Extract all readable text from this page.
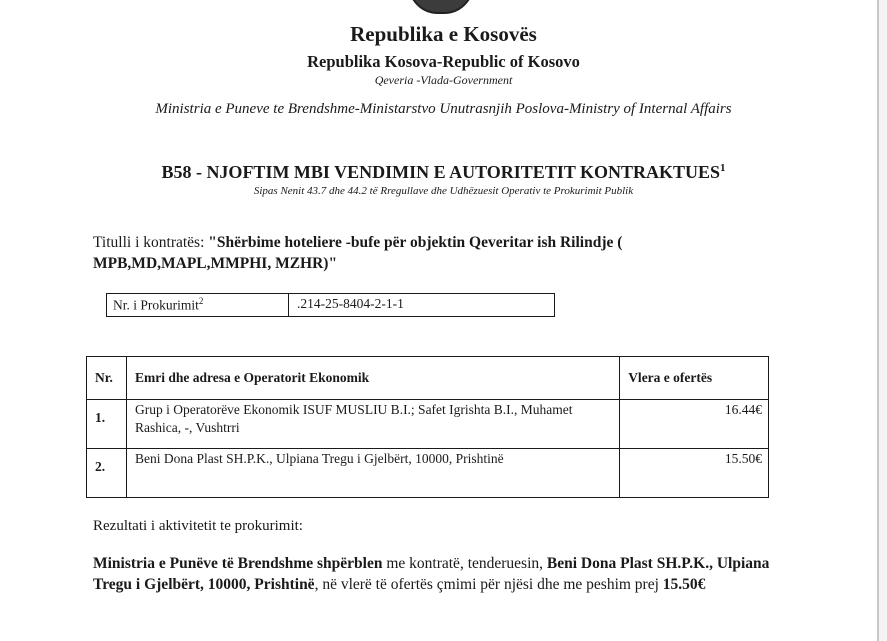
Republika e Kosovës
Republika Kosova-Republic of Kosovo
Qeveria -Vlada-Government
Ministria e Puneve te Brendshme-Ministarstvo Unutrasnjih Poslova-Ministry of Internal Affairs
B58 - NJOFTIM MBI VENDIMIN E AUTORITETIT KONTRAKTUES$^1$
Sipas Nenit 43.7 dhe 44.2 të Rregullave dhe Udhëzuesit Operativ te Prokurimit Publik
Titulli i kontratës: "Shërbime hoteliere -bufe për objektin Qeveritar ish Rilindje ( MPB,MD,MAPL,MMPHI, MZHR)"
Nr. i Prokurimit$^2$	.214-25-8404-2-1-1
Nr.	Emri dhe adresa e Operatorit Ekonomik	Vlera e ofertës
1.	Grup i Operatorëve Ekonomik ISUF MUSLIU B.I.; Safet Igrishta B.I., Muhamet Rashica, -, Vushtrri	16.44€
2.	Beni Dona Plast SH.P.K., Ulpiana Tregu i Gjelbërt, 10000, Prishtinë	15.50€
Rezultati i aktivitetit te prokurimit:
Ministria e Punëve të Brendshme shpërblen me kontratë, tenderuesin, Beni Dona Plast SH.P.K., Ulpiana Tregu i Gjelbërt, 10000, Prishtinë, në vlerë të ofertës çmimi për njësi dhe me peshim prej 15.50€
